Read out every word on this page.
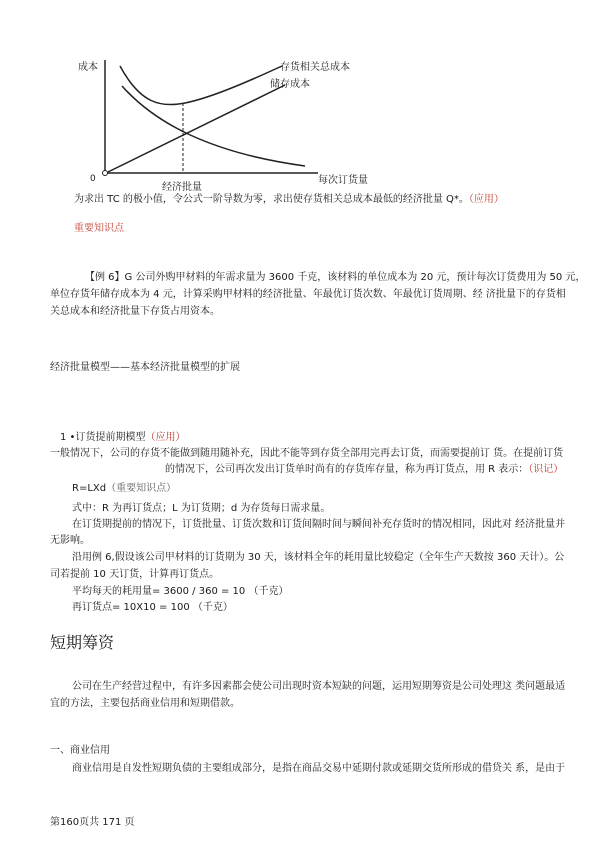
成本
0	每次订货量
存货相关总成本
储存成本
经济批量
为求出 TC 的极小值，令公式一阶导数为零，求出使存货相关总成本最低的经济批量 Q*。（应用）
重要知识点
【例 6】G 公司外购甲材料的年需求量为 3600 千克，该材料的单位成本为 20 元，预计每次订货费用为 50 元，
单位存货年储存成本为 4 元，计算采购甲材料的经济批量、年最优订货次数、年最优订货周期、经 济批量下的存货相
关总成本和经济批量下存货占用资本。
经济批量模型——基本经济批量模型的扩展
1 •订货提前期模型（应用）
一般情况下，公司的存货不能做到随用随补充，因此不能等到存货全部用完再去订货，而需要提前订 货。在提前订货
的情况下，公司再次发出订货单时尚有的存货库存量，称为再订货点，用 R 表示：（识记）
R=LXd（重要知识点）
式中：R 为再订货点；L 为订货期；d 为存货每日需求量。
在订货期提前的情况下，订货批量、订货次数和订货间隔时间与瞬间补充存货时的情况相同，因此对 经济批量并
无影响。
沿用例 6,假设该公司甲材料的订货期为 30 天，该材料全年的耗用量比较稳定（全年生产天数按 360 天计）。公
司若提前 10 天订货，计算再订货点。
平均每天的耗用量= 3600 / 360 = 10 （千克）
再订货点= 10X10 = 100 （千克）
短期筹资
公司在生产经营过程中，有许多因素都会使公司出现时资本短缺的问题，运用短期筹资是公司处理这 类问题最适
宜的方法，主要包括商业信用和短期借款。
一、商业信用
商业信用是自发性短期负债的主要组成部分，是指在商品交易中延期付款或延期交货所形成的借贷关 系，是由于
第160页共 171 页
